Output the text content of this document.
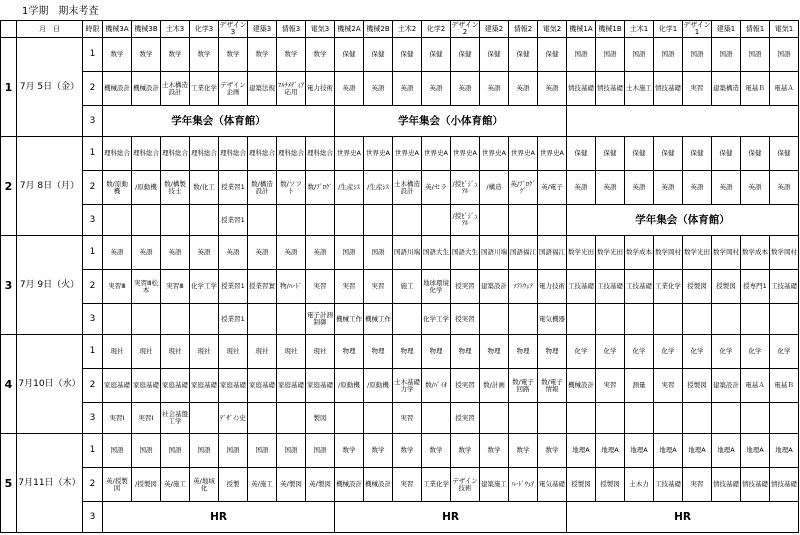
1学期　期末考査
	月　日	時限	機械3A	機械3B	土木3	化学3	デザイン3	建築3	情報3	電気3	機械2A	機械2B	土木2	化学2	デザイン2	建築2	情報2	電気2	機械1A	機械1B	土木1	化学1	デザイン1	建築1	情報1	電気1
1	7月 5日（金）	1	数学	数学	数学	数学	数学	数学	数学	数学	保健	保健	保健	保健	保健	保健	保健	保健	国語	国語	国語	国語	国語	国語	国語	国語
		2	機械設計	機械設計	土木構造設計	工業化学	デザイン企画	建築法規	ﾏﾙﾁﾒﾃﾞｨｱ応用	電力技術	英語	英語	英語	英語	英語	英語	英語	英語	情技基礎	情技基礎	土木施工	情技基礎	実習	建築構造	電基Ｂ	電基Ａ
		3	学年集会（体育館）								学年集会（小体育館）															
2	7月 8日（月）	1	理科総合	理科総合	理科総合	理科総合	理科総合	理科総合	理科総合	理科総合	世界史A	世界史A	世界史A	世界史A	世界史A	世界史A	世界史A	世界史A	保健	保健	保健	保健	保健	保健	保健	保健
		2	数/原動機	/原動機	数/構製技士	数/化工	授業習1	数/構造設計	数/ソフト	数/ﾌﾟﾛｸﾞ	/生産ｼｽ	/生産ｼｽ	土木構造設計	英/セラ	/授ﾋﾞｼﾞｭｱﾙ	/構造	英/ﾌﾟﾛｸﾞｸﾞ	英/電子	英語	英語	英語	英語	英語	英語	英語	英語
		3					授業習1								/授ﾋﾞｼﾞｭｱﾙ				学年集会（体育館）							
3	7月 9日（火）	1	英語	英語	英語	英語	英語	英語	英語	英語	国語	国語	国語川端	国語大生	国語大生	国語川端	国語福江	国語福江	数学光田	数学光田	数学成本	数学岡村	数学光田	数学岡村	数学成本	数学岡村
		2	実習Ⅲ	実習Ⅲ松本	実習Ⅲ	化学工学	授業習1	授業習實	物/ﾊｰﾄﾞ	実習	実習	実習	施工	地球環境化学	授実習	建築設計	ｿﾌﾄｳｪｱ	電力技術	工技基礎	工技基礎	工技基礎	工業化学	授製図	授製図	授専門1	工技基礎
		3					授業習1			電子計測制御	機械工作	機械工作		化学工学	授実習			電気機器								
4	7月10日（水）	1	現社	現社	現社	現社	現社	現社	現社	現社	物理	物理	物理	物理	物理	物理	物理	物理	化学	化学	化学	化学	化学	化学	化学	化学
		2	家庭基礎	家庭基礎	家庭基礎	家庭基礎	家庭基礎	家庭基礎	家庭基礎	家庭基礎	/原動機	/原動機	土木基礎力学	数/ﾊﾞｲｵ	授実習	数/計画	数/電子回路	数/電子情報	機械設計	実習	測量	実習	授製図	建築設計	電基Ａ	電基Ｂ
		3	実習Ⅰ	実習Ⅰ	社会基盤工学		ﾃﾞｻﾞｲﾝ史			製図			実習		授実習											
5	7月11日（木）	1	国語	国語	国語	国語	国語	国語	国語	国語	数学	数学	数学	数学	数学	数学	数学	数学	地理A	地理A	地理A	地理A	地理A	地理A	地理A	地理A
		2	英/授製図	/授製図	英/施工	英/地域化	授製	英/施工	英/製図	英/製図	機械設計	機械設計	実習	工業化学	デザイン技術	建築施工	ﾊｰﾄﾞｳｪｱ	電気基礎	授製図	授製図	土木力	工技基礎	実習	情技基礎	情技基礎	情技基礎
		3	HR								HR								HR							
